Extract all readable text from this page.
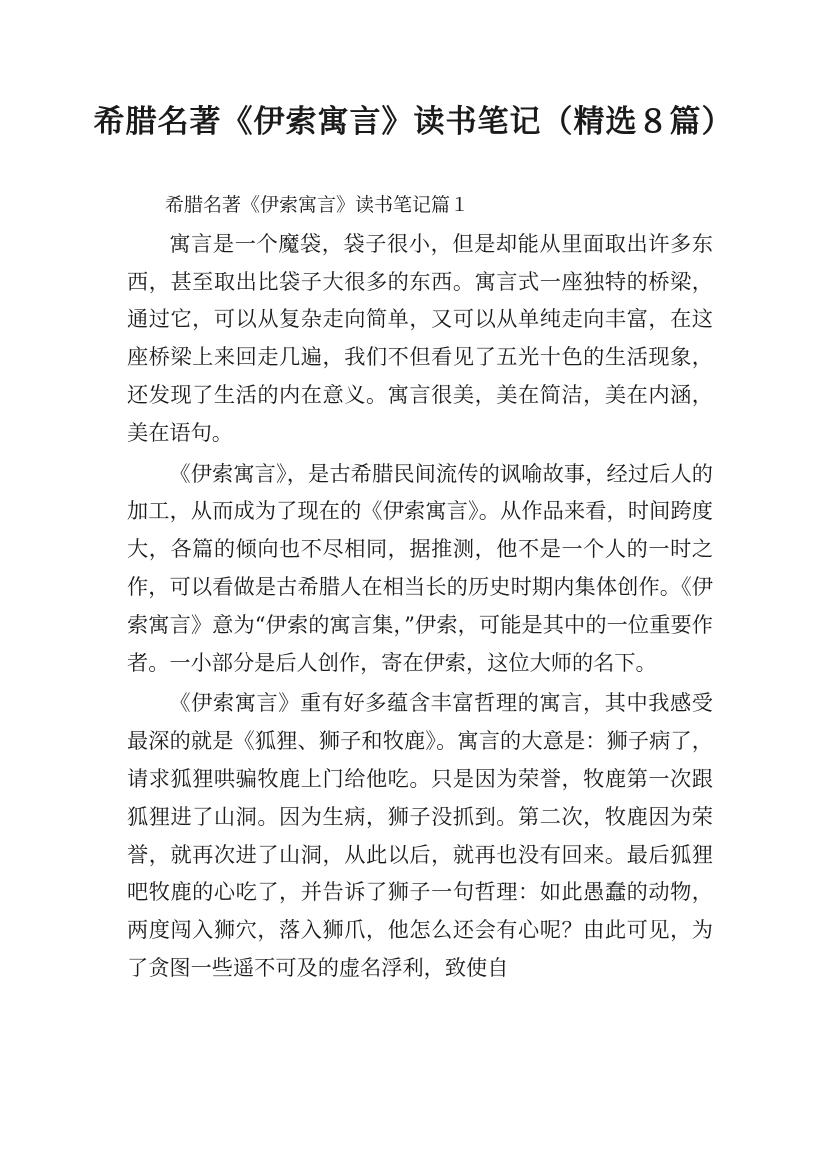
希腊名著《伊索寓言》读书笔记（精选８篇）

希腊名著《伊索寓言》读书笔记篇１

寓言是一个魔袋，袋子很小，但是却能从里面取出许多东西，甚至取出比袋子大很多的东西。寓言式一座独特的桥梁，通过它，可以从复杂走向简单，又可以从单纯走向丰富，在这座桥梁上来回走几遍，我们不但看见了五光十色的生活现象，还发现了生活的内在意义。寓言很美，美在简洁，美在内涵，美在语句。

《伊索寓言》，是古希腊民间流传的讽喻故事，经过后人的加工，从而成为了现在的《伊索寓言》。从作品来看，时间跨度大，各篇的倾向也不尽相同，据推测，他不是一个人的一时之作，可以看做是古希腊人在相当长的历史时期内集体创作。《伊索寓言》意为“伊索的寓言集，”伊索，可能是其中的一位重要作者。一小部分是后人创作，寄在伊索，这位大师的名下。

《伊索寓言》重有好多蕴含丰富哲理的寓言，其中我感受最深的就是《狐狸、狮子和牧鹿》。寓言的大意是：狮子病了，请求狐狸哄骗牧鹿上门给他吃。只是因为荣誉，牧鹿第一次跟狐狸进了山洞。因为生病，狮子没抓到。第二次，牧鹿因为荣誉，就再次进了山洞，从此以后，就再也没有回来。最后狐狸吧牧鹿的心吃了，并告诉了狮子一句哲理：如此愚蠢的动物，两度闯入狮穴，落入狮爪，他怎么还会有心呢？由此可见，为了贪图一些遥不可及的虚名浮利，致使自
